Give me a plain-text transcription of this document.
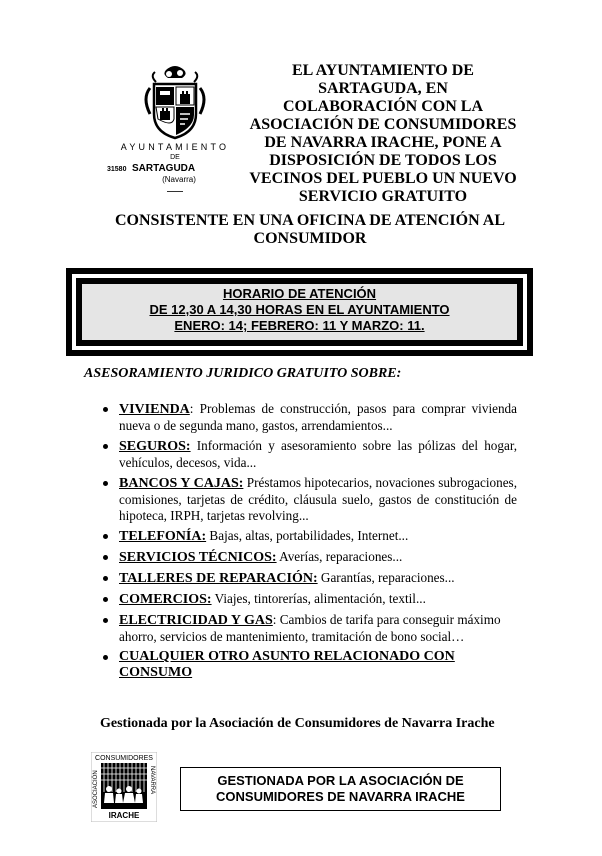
AYUNTAMIENTO
DE
31580 SARTAGUDA
(Navarra)
EL AYUNTAMIENTO DE
SARTAGUDA, EN
COLABORACIÓN CON LA
ASOCIACIÓN DE CONSUMIDORES
DE NAVARRA IRACHE, PONE A
DISPOSICIÓN DE TODOS LOS
VECINOS DEL PUEBLO UN NUEVO
SERVICIO GRATUITO
CONSISTENTE EN UNA OFICINA DE ATENCIÓN AL
CONSUMIDOR
HORARIO DE ATENCIÓN
DE 12,30 A 14,30 HORAS EN EL AYUNTAMIENTO
ENERO: 14; FEBRERO: 11 Y MARZO: 11.
ASESORAMIENTO JURIDICO GRATUITO SOBRE:
VIVIENDA: Problemas de construcción, pasos para comprar vivienda nueva o de segunda mano, gastos, arrendamientos...
SEGUROS: Información y asesoramiento sobre las pólizas del hogar, vehículos, decesos, vida...
BANCOS Y CAJAS: Préstamos hipotecarios, novaciones subrogaciones, comisiones, tarjetas de crédito, cláusula suelo, gastos de constitución de hipoteca, IRPH, tarjetas revolving...
TELEFONÍA: Bajas, altas, portabilidades, Internet...
SERVICIOS TÉCNICOS: Averías, reparaciones...
TALLERES DE REPARACIÓN: Garantías, reparaciones...
COMERCIOS: Viajes, tintorerías, alimentación, textil...
ELECTRICIDAD Y GAS: Cambios de tarifa para conseguir máximo ahorro, servicios de mantenimiento, tramitación de bono social…
CUALQUIER OTRO ASUNTO RELACIONADO CON CONSUMO
Gestionada por la Asociación de Consumidores de Navarra Irache
CONSUMIDORES
ASOCIACIÓN	NAVARRA
IRACHE
GESTIONADA POR LA ASOCIACIÓN DE
CONSUMIDORES DE NAVARRA IRACHE
